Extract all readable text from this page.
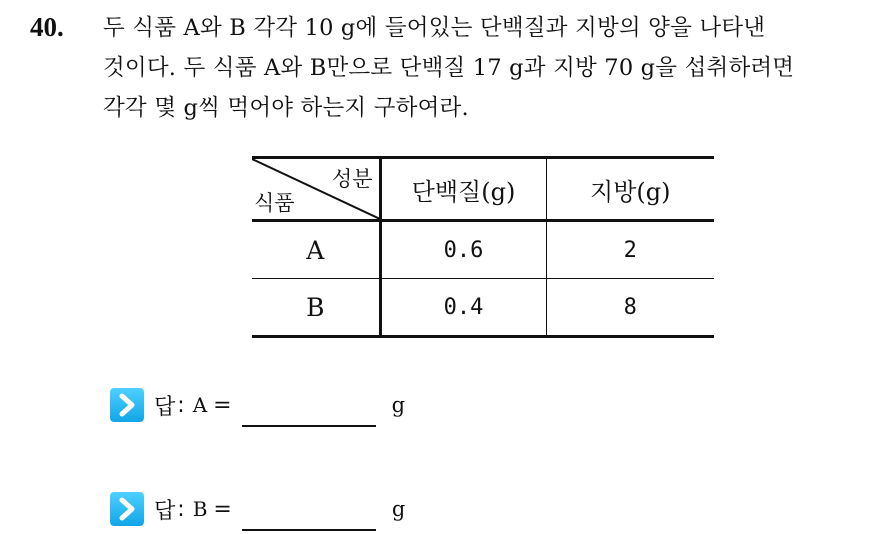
40. 두 식품 A와 B 각각 10 g에 들어있는 단백질과 지방의 양을 나타낸
것이다. 두 식품 A와 B만으로 단백질 17 g과 지방 70 g을 섭취하려면
각각 몇 g씩 먹어야 하는지 구하여라.
성분
식품	단백질(g)	지방(g)
A	0.6	2
B	0.4	8
답 : A =	g
답 : B =	g
